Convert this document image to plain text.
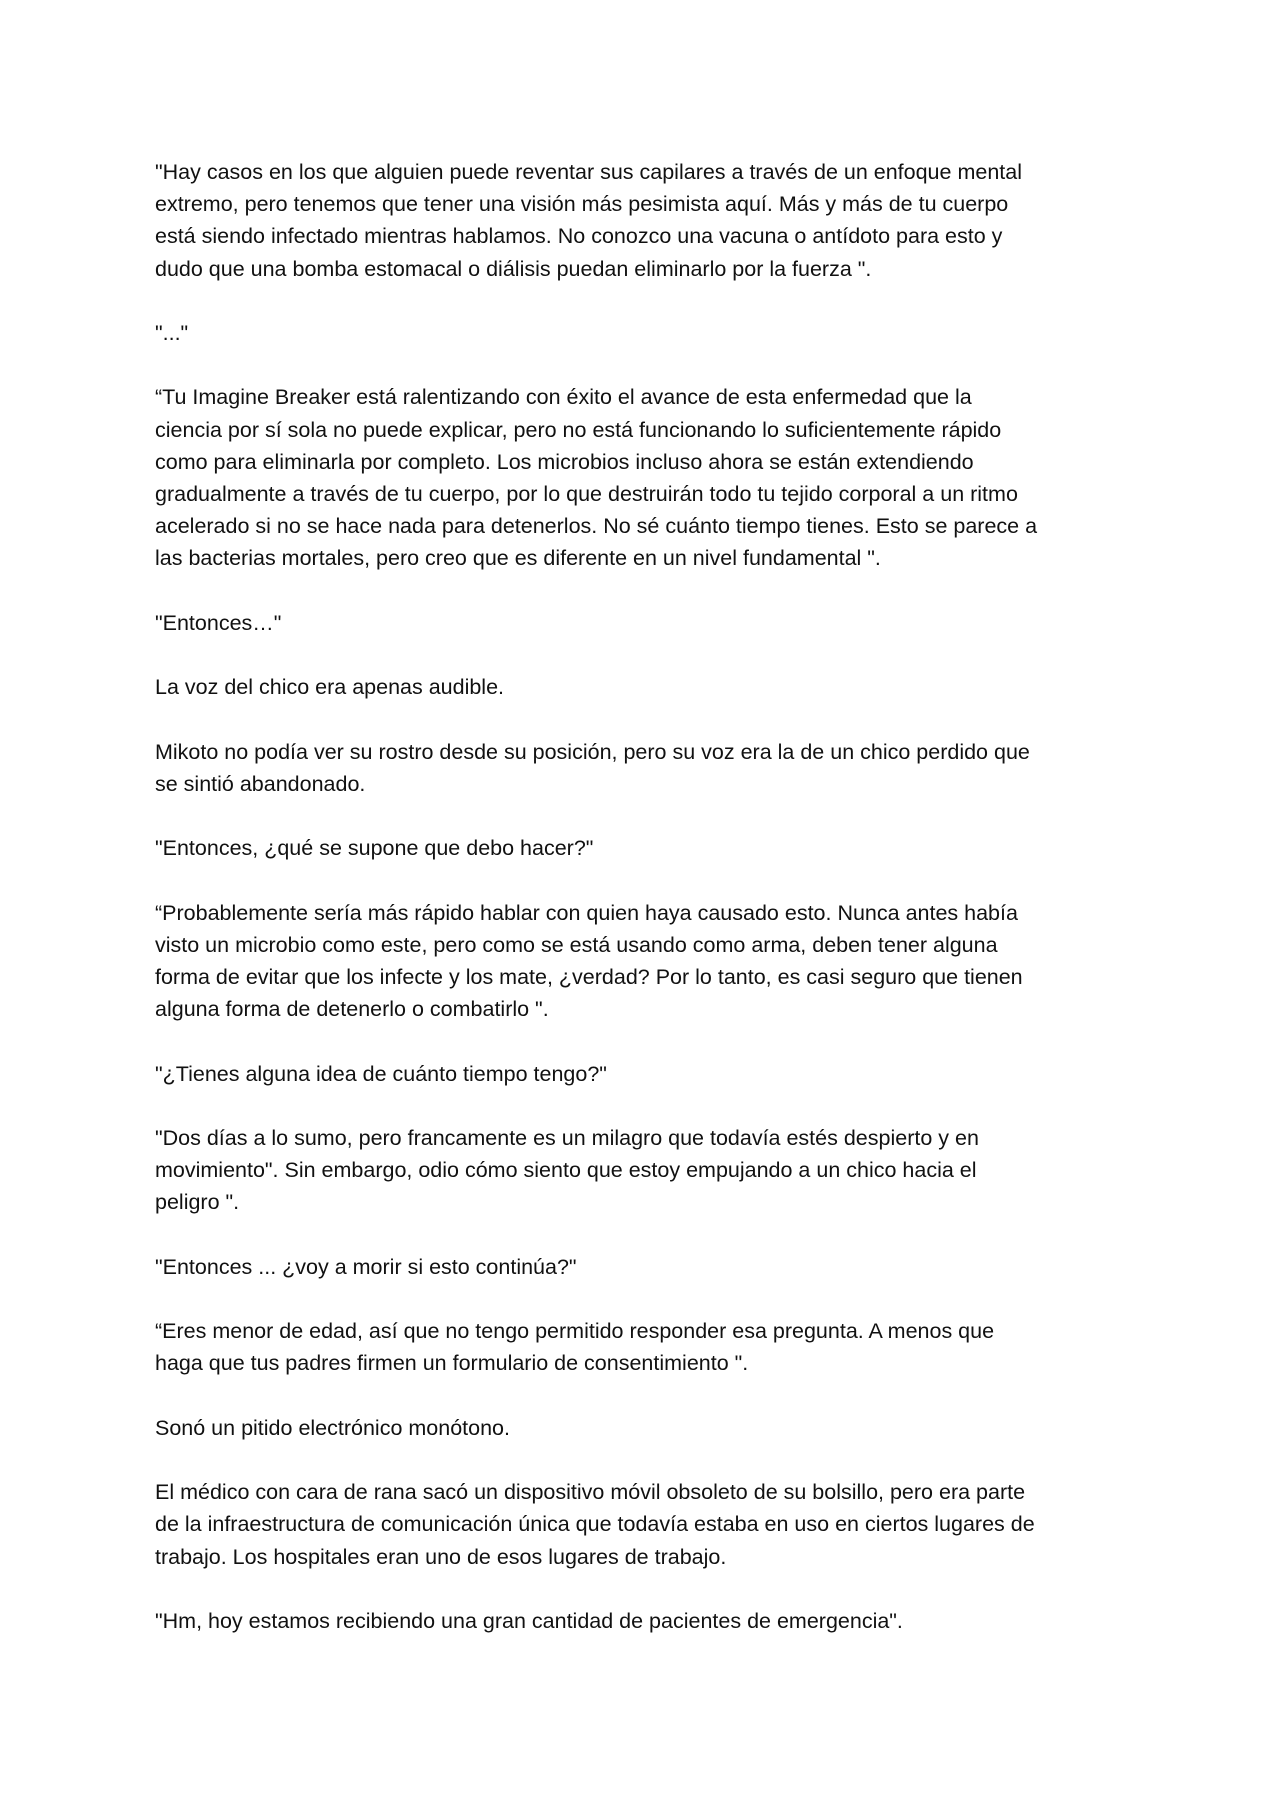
"Hay casos en los que alguien puede reventar sus capilares a través de un enfoque mental
extremo, pero tenemos que tener una visión más pesimista aquí. Más y más de tu cuerpo
está siendo infectado mientras hablamos. No conozco una vacuna o antídoto para esto y
dudo que una bomba estomacal o diálisis puedan eliminarlo por la fuerza ".

"..."

“Tu Imagine Breaker está ralentizando con éxito el avance de esta enfermedad que la
ciencia por sí sola no puede explicar, pero no está funcionando lo suficientemente rápido
como para eliminarla por completo. Los microbios incluso ahora se están extendiendo
gradualmente a través de tu cuerpo, por lo que destruirán todo tu tejido corporal a un ritmo
acelerado si no se hace nada para detenerlos. No sé cuánto tiempo tienes. Esto se parece a
las bacterias mortales, pero creo que es diferente en un nivel fundamental ".

"Entonces…"

La voz del chico era apenas audible.

Mikoto no podía ver su rostro desde su posición, pero su voz era la de un chico perdido que
se sintió abandonado.

"Entonces, ¿qué se supone que debo hacer?"

“Probablemente sería más rápido hablar con quien haya causado esto. Nunca antes había
visto un microbio como este, pero como se está usando como arma, deben tener alguna
forma de evitar que los infecte y los mate, ¿verdad? Por lo tanto, es casi seguro que tienen
alguna forma de detenerlo o combatirlo ".

"¿Tienes alguna idea de cuánto tiempo tengo?"

"Dos días a lo sumo, pero francamente es un milagro que todavía estés despierto y en
movimiento". Sin embargo, odio cómo siento que estoy empujando a un chico hacia el
peligro ".

"Entonces ... ¿voy a morir si esto continúa?"

“Eres menor de edad, así que no tengo permitido responder esa pregunta. A menos que
haga que tus padres firmen un formulario de consentimiento ".

Sonó un pitido electrónico monótono.

El médico con cara de rana sacó un dispositivo móvil obsoleto de su bolsillo, pero era parte
de la infraestructura de comunicación única que todavía estaba en uso en ciertos lugares de
trabajo. Los hospitales eran uno de esos lugares de trabajo.

"Hm, hoy estamos recibiendo una gran cantidad de pacientes de emergencia".
